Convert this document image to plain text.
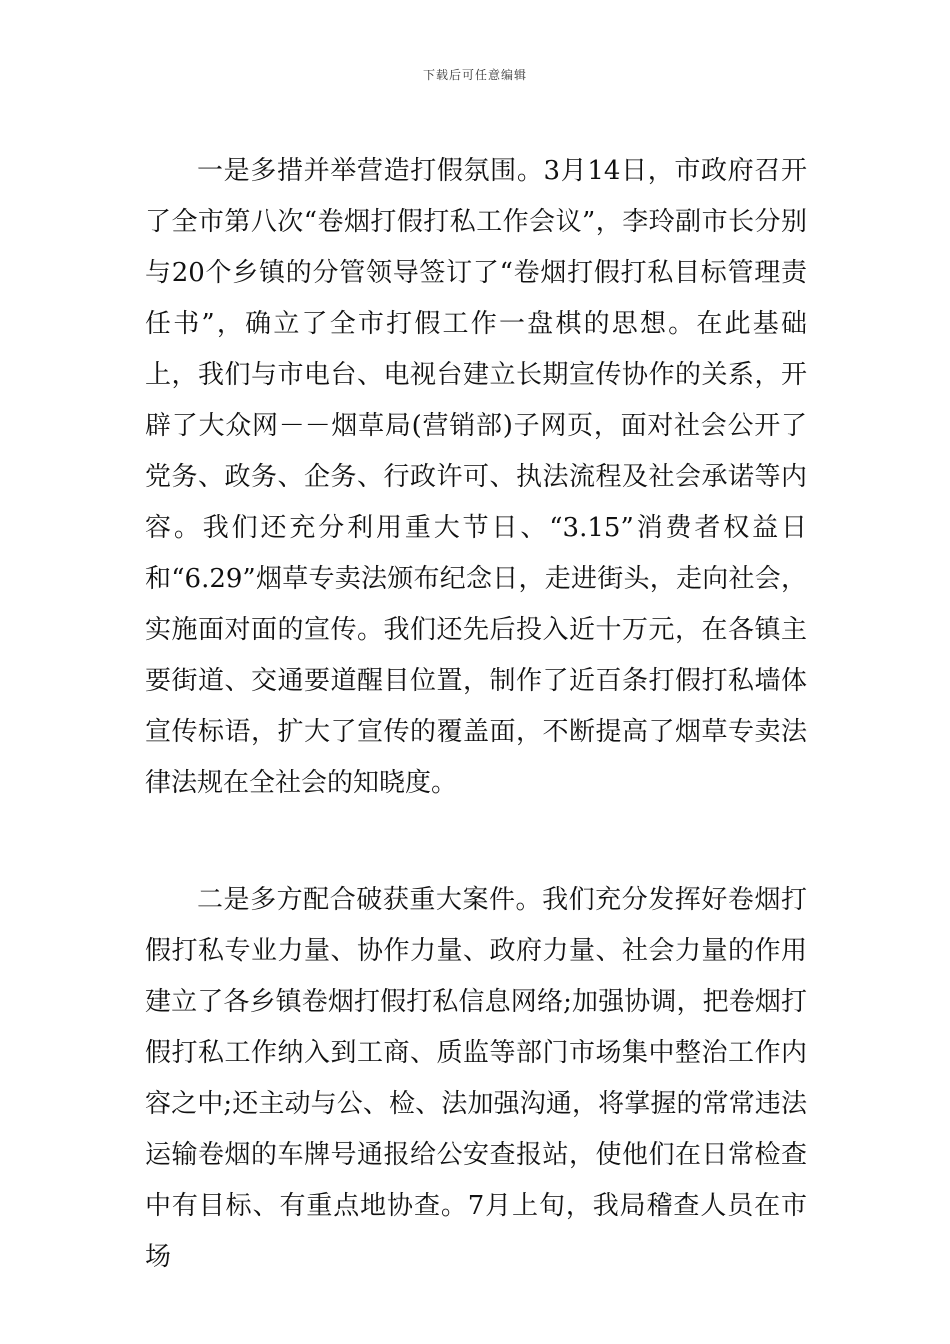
下载后可任意编辑

一是多措并举营造打假氛围。3月14日，市政府召开了全市第八次“卷烟打假打私工作会议”，李玲副市长分别与20个乡镇的分管领导签订了“卷烟打假打私目标管理责任书”，确立了全市打假工作一盘棋的思想。在此基础上，我们与市电台、电视台建立长期宣传协作的关系，开辟了大众网－－烟草局(营销部)子网页，面对社会公开了党务、政务、企务、行政许可、执法流程及社会承诺等内容。我们还充分利用重大节日、“3.15”消费者权益日和“6.29”烟草专卖法颁布纪念日，走进街头，走向社会，实施面对面的宣传。我们还先后投入近十万元，在各镇主要街道、交通要道醒目位置，制作了近百条打假打私墙体宣传标语，扩大了宣传的覆盖面，不断提高了烟草专卖法律法规在全社会的知晓度。

二是多方配合破获重大案件。我们充分发挥好卷烟打假打私专业力量、协作力量、政府力量、社会力量的作用建立了各乡镇卷烟打假打私信息网络;加强协调，把卷烟打假打私工作纳入到工商、质监等部门市场集中整治工作内容之中;还主动与公、检、法加强沟通，将掌握的常常违法运输卷烟的车牌号通报给公安查报站，使他们在日常检查中有目标、有重点地协查。7月上旬，我局稽查人员在市场
